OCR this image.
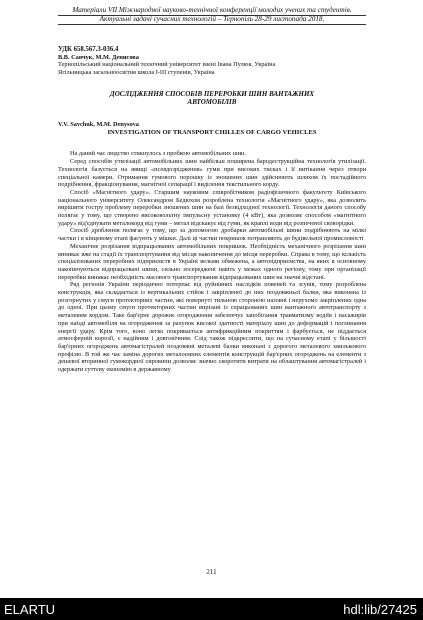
Матеріали VІІ Міжнародної науково-технічної конференції молодих учених та студентів.
Актуальні задачі сучасних технологій – Тернопіль 28-29 листопада 2018.
УДК 658.567.3-036.4
В.В. Савчук, М.М. Денисова
Тернопільський національний технічний університет імені Івана Пулюя, Україна
Ягільницька загальноосвітня школа І-ІІІ ступенів, Україна
ДОСЛІДЖЕННЯ СПОСОБІВ ПЕРЕРОБКИ ШИН ВАНТАЖНИХ
АВТОМОБІЛІВ
V.V. Savchuk, M.M. Denysova
INVESTIGATION OF TRANSPORT CHILLES OF CARGO VEHICLES

На даний час людство стикнулось з пробкою автомобільних шин.

Серед способів утилізації автомобільних шин найбільш поширена бародеструкційна технологія утилізації. Технологія базується на явищі «псевдозрідження» гуми при високих тисках і її витікання через отвори спеціальної камери. Отримання гумового порошку із зношених шин здійснюють шляхом їх постадійного подрібнення, фракціонування, магнітної сепарації і виділення текстильного корду.

Спосіб «Магнітного удару». Старшим науковим співробітником радіофізичного факультету Київського національного університету Олександром Бедюхом розроблена технологія «Магнітного удару», яка дозволить вирішити гостру проблему переробки зношених шин на базі безвідходної технології. Технологія даного способу полягає у тому, що створено високовольтну імпульсну установку (4 кВт), яка дозволяє способом «магнітного удару» від'єднувати металокорд від гуми – метал відскакує від гуми, як краплі води від розпеченої сковорідки.

Спосіб дроблення полягає у тому, що за допомогою дробарки автомобільні шини подрібнюють на мілкі частки і в кінцевому етапі фасують у мішки. Далі ці частки покришок потрапляють до будівельної промисловості

Механічне розрізання відпрацьованих автомобільних покришок. Необхідність механічного розрізання шин виникає вже на стадії їх транспортування від місця накопичення до місця переробки. Справа в тому, що кількість спеціалізованих переробних підприємств в Україні вельми обмежена, а автопідприємства, на яких в основному накопичуються відпрацьовані шини, сильно зосереджені навіть у межах одного регіону, тому при організації переробки виникає необхідність масового транспортування відпрацьованих шин на значні відстані.

Ряд регіонів України періодично потерпає від руйнівних наслідків повеней та зсувів, тому розроблена конструкція, яка складається із вертикальних стійок і закріпленої до них поздовжньої балки, яка виконана із розгорнутих у смуги протекторних частин, які повернуті тильною стороною назовні і нерухомо закріплених одна до одної. При цьому смуги протекторних частин вирізані із спрацьованих шин вантажного автотранспорту з металевим кордом. Таке бар'єрне дорожнє огородження забезпечує запобігання травматизму водіїв і пасажирів при наїзді автомобіля на огородження за рахунок високої здатності матеріалу шин до деформацій і поглинання енергії удару. Крім того, воно легко покривається антифрикційним покриттям і фарбується, не піддається атмосферній корозії, є надійним і довговічним. Слід також підкреслити, що на сучасному етапі у більшості бар'єрних огороджень автомагістралей поздовжні металеві балки виконані з дорогого металевого хвилькового профілю. В той же час заміна дорогих металоємних елементів конструкцій бар'єрних огороджень на елементи з дешевої вторинної гумокордної сировини дозволяє значно скоротити витрати на облаштування автомагістралей і одержати суттєву економію в державному

211
ELARTU	hdl:lib/27425
